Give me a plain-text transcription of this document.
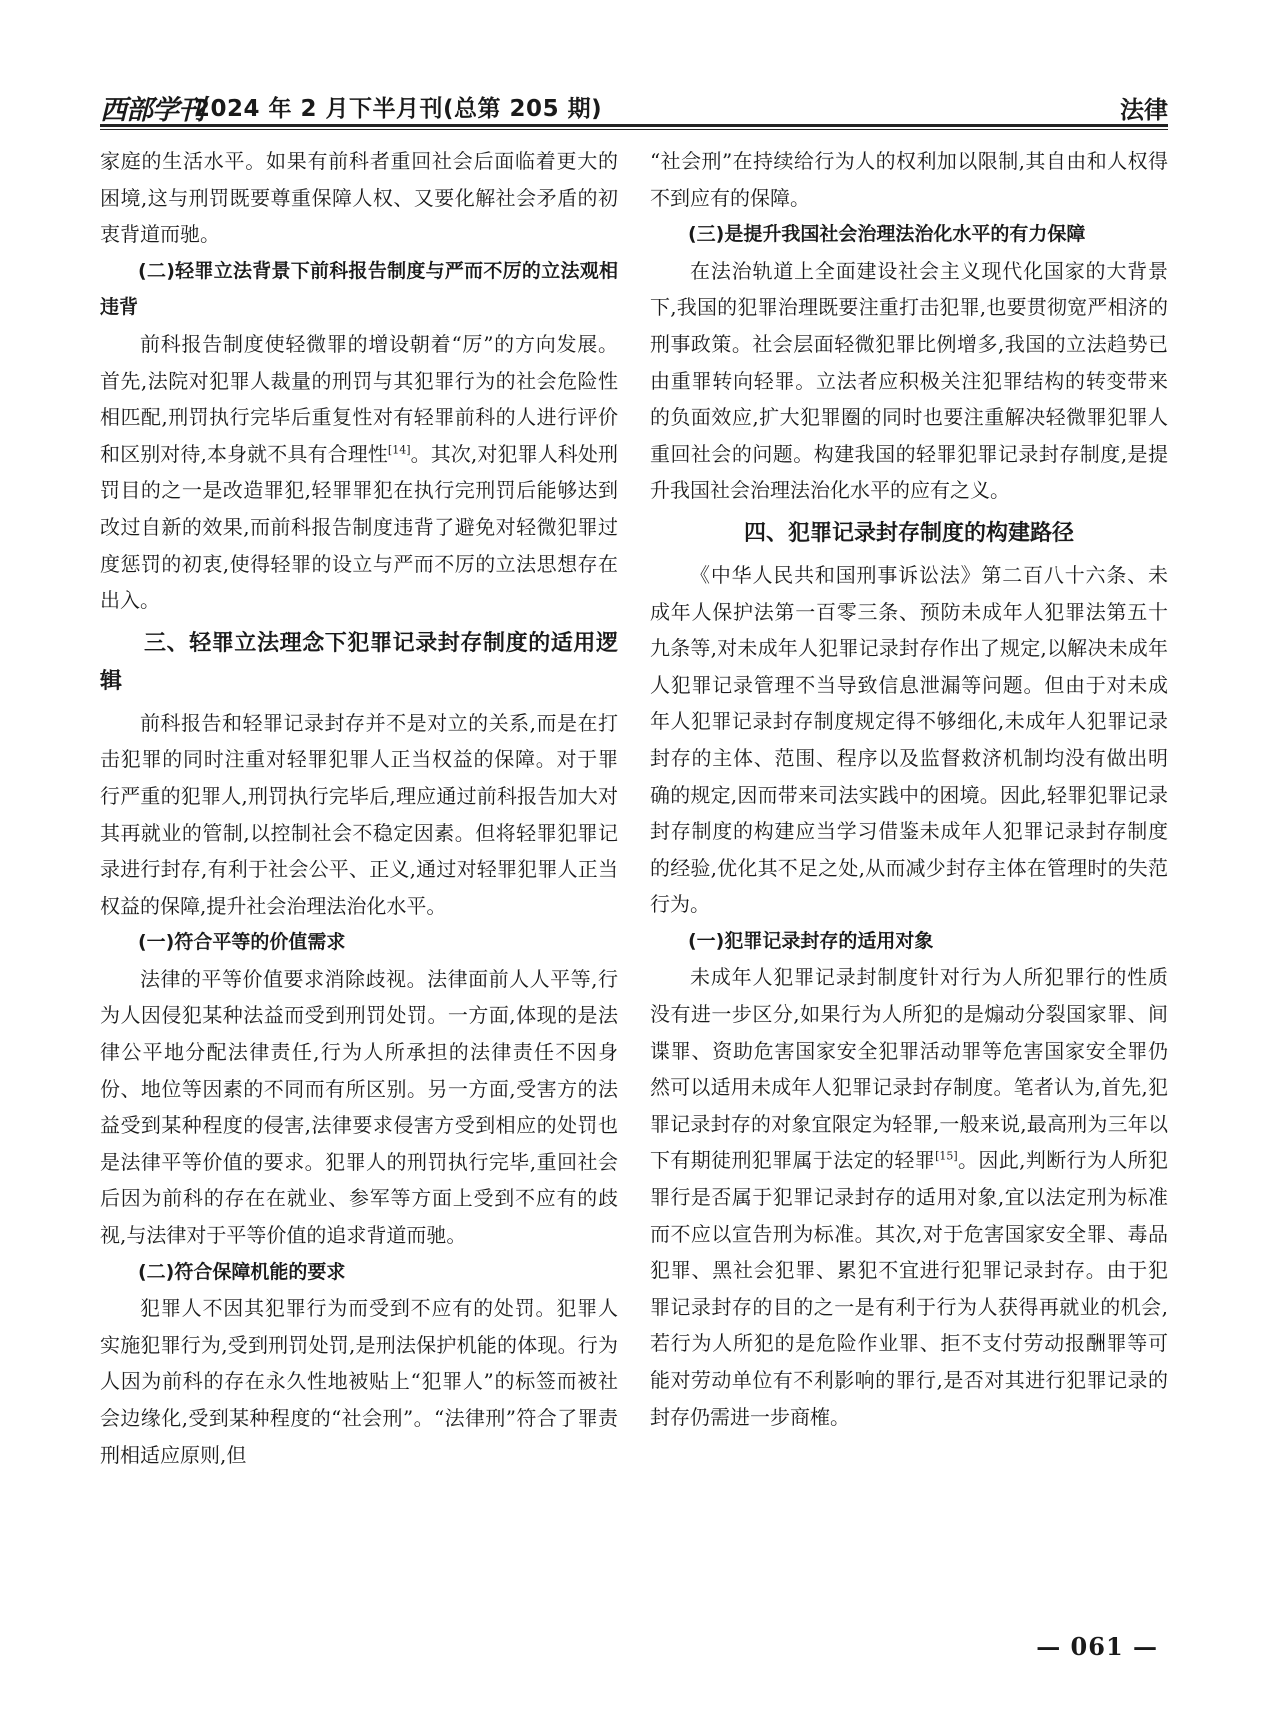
西部学刊
2024 年 2 月下半月刊(总第 205 期)	法律

家庭的生活水平。如果有前科者重回社会后面临着更大的困境,这与刑罚既要尊重保障人权、又要化解社会矛盾的初衷背道而驰。

(二)轻罪立法背景下前科报告制度与严而不厉的立法观相违背

前科报告制度使轻微罪的增设朝着“厉”的方向发展。首先,法院对犯罪人裁量的刑罚与其犯罪行为的社会危险性相匹配,刑罚执行完毕后重复性对有轻罪前科的人进行评价和区别对待,本身就不具有合理性[14]。其次,对犯罪人科处刑罚目的之一是改造罪犯,轻罪罪犯在执行完刑罚后能够达到改过自新的效果,而前科报告制度违背了避免对轻微犯罪过度惩罚的初衷,使得轻罪的设立与严而不厉的立法思想存在出入。

三、轻罪立法理念下犯罪记录封存制度的适用逻辑

前科报告和轻罪记录封存并不是对立的关系,而是在打击犯罪的同时注重对轻罪犯罪人正当权益的保障。对于罪行严重的犯罪人,刑罚执行完毕后,理应通过前科报告加大对其再就业的管制,以控制社会不稳定因素。但将轻罪犯罪记录进行封存,有利于社会公平、正义,通过对轻罪犯罪人正当权益的保障,提升社会治理法治化水平。

(一)符合平等的价值需求

法律的平等价值要求消除歧视。法律面前人人平等,行为人因侵犯某种法益而受到刑罚处罚。一方面,体现的是法律公平地分配法律责任,行为人所承担的法律责任不因身份、地位等因素的不同而有所区别。另一方面,受害方的法益受到某种程度的侵害,法律要求侵害方受到相应的处罚也是法律平等价值的要求。犯罪人的刑罚执行完毕,重回社会后因为前科的存在在就业、参军等方面上受到不应有的歧视,与法律对于平等价值的追求背道而驰。

(二)符合保障机能的要求

犯罪人不因其犯罪行为而受到不应有的处罚。犯罪人实施犯罪行为,受到刑罚处罚,是刑法保护机能的体现。行为人因为前科的存在永久性地被贴上“犯罪人”的标签而被社会边缘化,受到某种程度的“社会刑”。“法律刑”符合了罪责刑相适应原则,但

“社会刑”在持续给行为人的权利加以限制,其自由和人权得不到应有的保障。

(三)是提升我国社会治理法治化水平的有力保障

在法治轨道上全面建设社会主义现代化国家的大背景下,我国的犯罪治理既要注重打击犯罪,也要贯彻宽严相济的刑事政策。社会层面轻微犯罪比例增多,我国的立法趋势已由重罪转向轻罪。立法者应积极关注犯罪结构的转变带来的负面效应,扩大犯罪圈的同时也要注重解决轻微罪犯罪人重回社会的问题。构建我国的轻罪犯罪记录封存制度,是提升我国社会治理法治化水平的应有之义。

四、犯罪记录封存制度的构建路径

《中华人民共和国刑事诉讼法》第二百八十六条、未成年人保护法第一百零三条、预防未成年人犯罪法第五十九条等,对未成年人犯罪记录封存作出了规定,以解决未成年人犯罪记录管理不当导致信息泄漏等问题。但由于对未成年人犯罪记录封存制度规定得不够细化,未成年人犯罪记录封存的主体、范围、程序以及监督救济机制均没有做出明确的规定,因而带来司法实践中的困境。因此,轻罪犯罪记录封存制度的构建应当学习借鉴未成年人犯罪记录封存制度的经验,优化其不足之处,从而减少封存主体在管理时的失范行为。

(一)犯罪记录封存的适用对象

未成年人犯罪记录封制度针对行为人所犯罪行的性质没有进一步区分,如果行为人所犯的是煽动分裂国家罪、间谍罪、资助危害国家安全犯罪活动罪等危害国家安全罪仍然可以适用未成年人犯罪记录封存制度。笔者认为,首先,犯罪记录封存的对象宜限定为轻罪,一般来说,最高刑为三年以下有期徒刑犯罪属于法定的轻罪[15]。因此,判断行为人所犯罪行是否属于犯罪记录封存的适用对象,宜以法定刑为标准而不应以宣告刑为标准。其次,对于危害国家安全罪、毒品犯罪、黑社会犯罪、累犯不宜进行犯罪记录封存。由于犯罪记录封存的目的之一是有利于行为人获得再就业的机会,若行为人所犯的是危险作业罪、拒不支付劳动报酬罪等可能对劳动单位有不利影响的罪行,是否对其进行犯罪记录的封存仍需进一步商榷。

— 061 —
